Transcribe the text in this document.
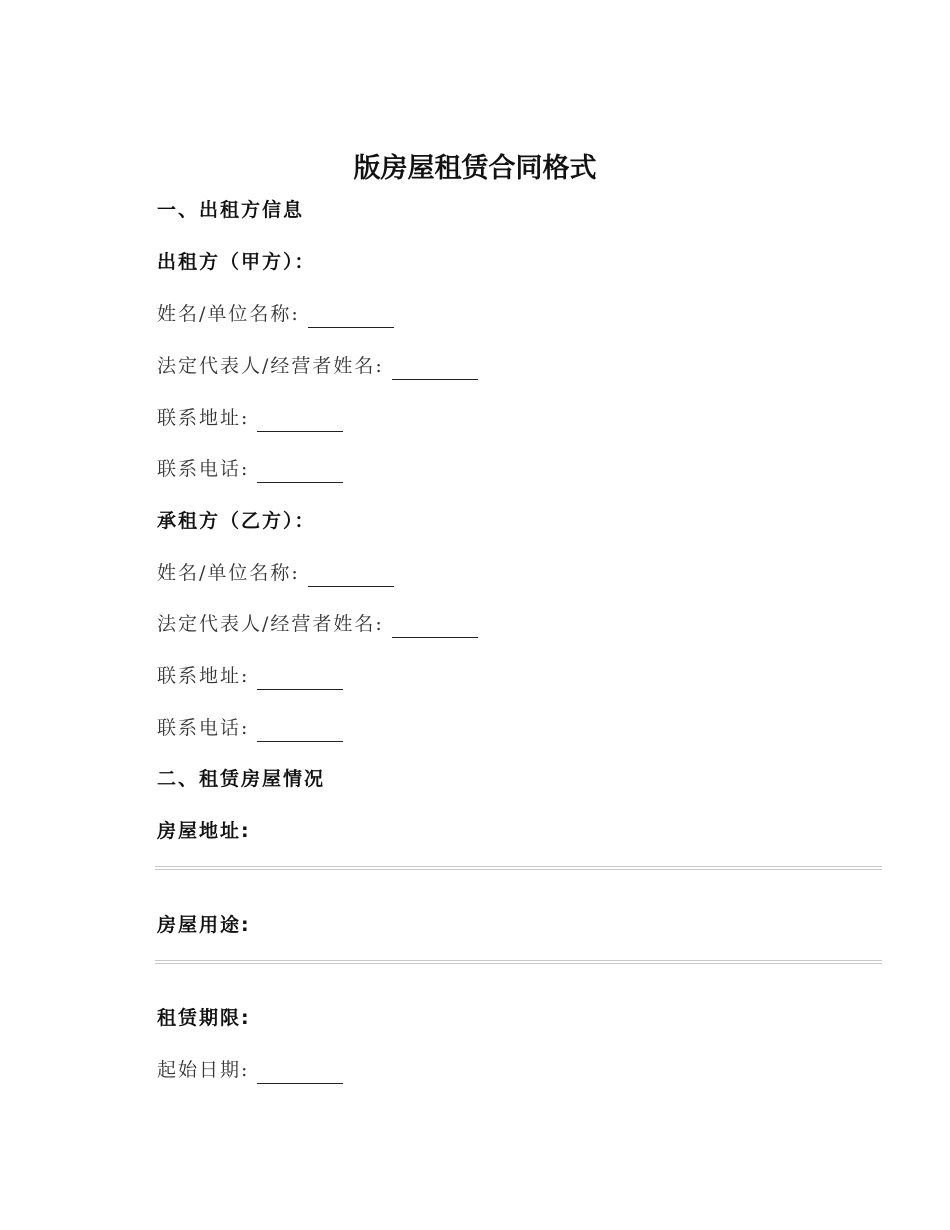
版房屋租赁合同格式
一、出租方信息
出租方（甲方）：
姓名/单位名称:
法定代表人/经营者姓名:
联系地址:
联系电话:
承租方（乙方）：
姓名/单位名称:
法定代表人/经营者姓名:
联系地址:
联系电话:
二、租赁房屋情况
房屋地址:
房屋用途:
租赁期限:
起始日期:
